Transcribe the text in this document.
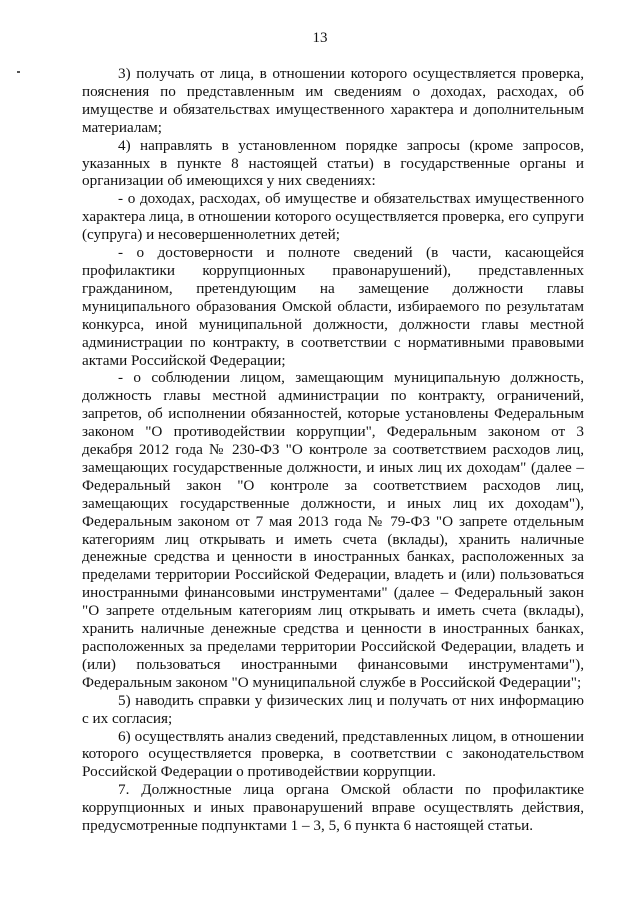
13

3) получать от лица, в отношении которого осуществляется проверка, пояснения по представленным им сведениям о доходах, расходах, об имуществе и обязательствах имущественного характера и дополнительным материалам;

4) направлять в установленном порядке запросы (кроме запросов, указанных в пункте 8 настоящей статьи) в государственные органы и организации об имеющихся у них сведениях:

- о доходах, расходах, об имуществе и обязательствах имущественного характера лица, в отношении которого осуществляется проверка, его супруги (супруга) и несовершеннолетних детей;

- о достоверности и полноте сведений (в части, касающейся профилактики коррупционных правонарушений), представленных гражданином, претендующим на замещение должности главы муниципального образования Омской области, избираемого по результатам конкурса, иной муниципальной должности, должности главы местной администрации по контракту, в соответствии с нормативными правовыми актами Российской Федерации;

- о соблюдении лицом, замещающим муниципальную должность, должность главы местной администрации по контракту, ограничений, запретов, об исполнении обязанностей, которые установлены Федеральным законом "О противодействии коррупции", Федеральным законом от 3 декабря 2012 года № 230-ФЗ "О контроле за соответствием расходов лиц, замещающих государственные должности, и иных лиц их доходам" (далее – Федеральный закон "О контроле за соответствием расходов лиц, замещающих государственные должности, и иных лиц их доходам"), Федеральным законом от 7 мая 2013 года № 79-ФЗ "О запрете отдельным категориям лиц открывать и иметь счета (вклады), хранить наличные денежные средства и ценности в иностранных банках, расположенных за пределами территории Российской Федерации, владеть и (или) пользоваться иностранными финансовыми инструментами" (далее – Федеральный закон "О запрете отдельным категориям лиц открывать и иметь счета (вклады), хранить наличные денежные средства и ценности в иностранных банках, расположенных за пределами территории Российской Федерации, владеть и (или) пользоваться иностранными финансовыми инструментами"), Федеральным законом "О муниципальной службе в Российской Федерации";

5) наводить справки у физических лиц и получать от них информацию с их согласия;

6) осуществлять анализ сведений, представленных лицом, в отношении которого осуществляется проверка, в соответствии с законодательством Российской Федерации о противодействии коррупции.

7. Должностные лица органа Омской области по профилактике коррупционных и иных правонарушений вправе осуществлять действия, предусмотренные подпунктами 1 – 3, 5, 6 пункта 6 настоящей статьи.
